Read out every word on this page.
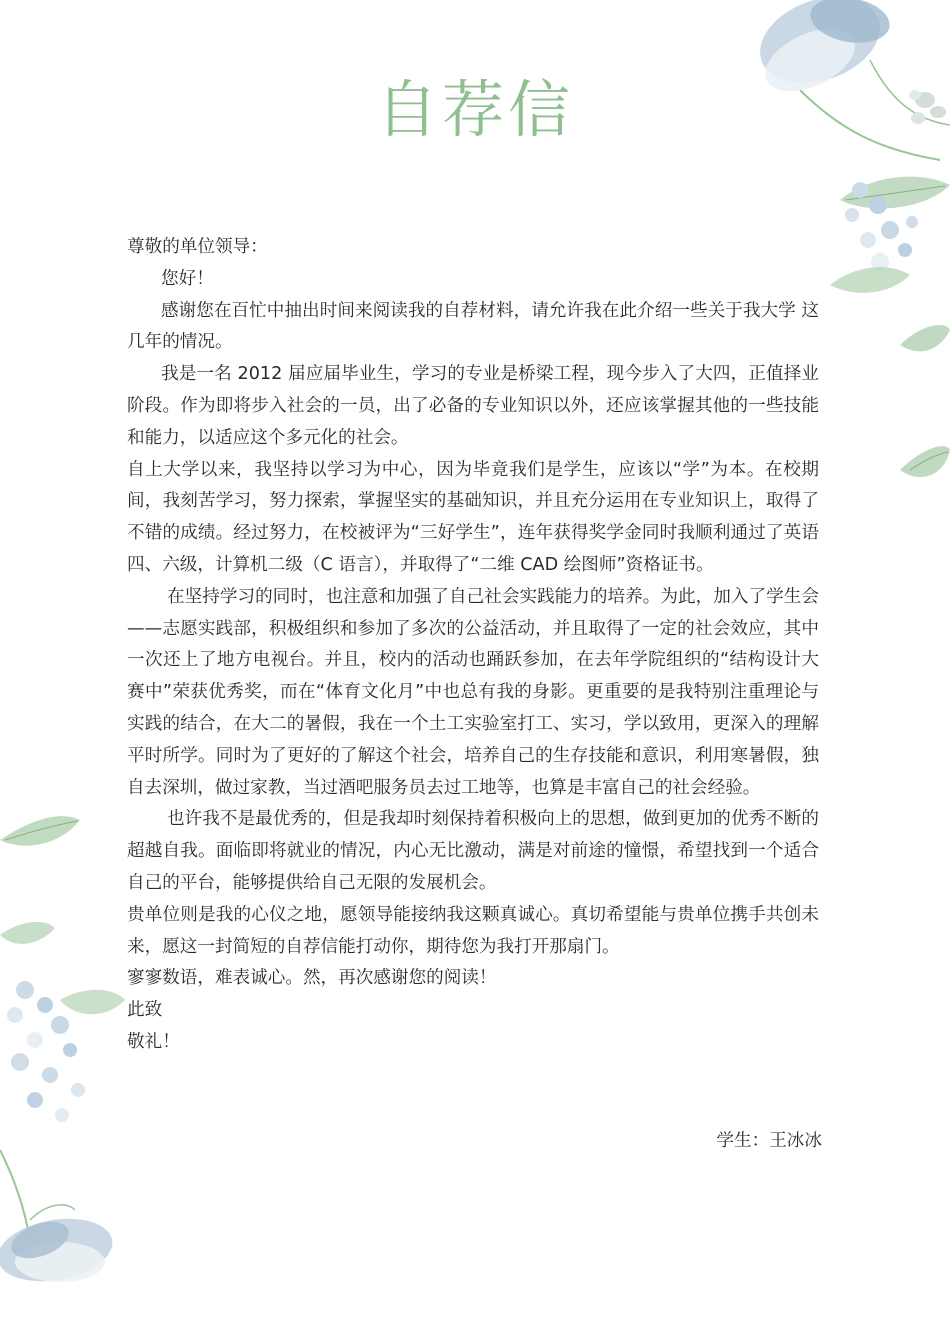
自荐信

尊敬的单位领导：

您好！

感谢您在百忙中抽出时间来阅读我的自荐材料，请允许我在此介绍一些关于我大学 这几年的情况。

我是一名 2012 届应届毕业生，学习的专业是桥梁工程，现今步入了大四，正值择业阶段。作为即将步入社会的一员，出了必备的专业知识以外，还应该掌握其他的一些技能和能力，以适应这个多元化的社会。

自上大学以来，我坚持以学习为中心，因为毕竟我们是学生，应该以“学”为本。在校期间，我刻苦学习，努力探索，掌握坚实的基础知识，并且充分运用在专业知识上，取得了不错的成绩。经过努力，在校被评为“三好学生”，连年获得奖学金同时我顺利通过了英语四、六级，计算机二级（C 语言），并取得了“二维 CAD 绘图师”资格证书。

在坚持学习的同时，也注意和加强了自己社会实践能力的培养。为此，加入了学生会——志愿实践部，积极组织和参加了多次的公益活动，并且取得了一定的社会效应，其中一次还上了地方电视台。并且，校内的活动也踊跃参加，在去年学院组织的“结构设计大赛中”荣获优秀奖，而在“体育文化月”中也总有我的身影。更重要的是我特别注重理论与实践的结合，在大二的暑假，我在一个土工实验室打工、实习，学以致用，更深入的理解平时所学。同时为了更好的了解这个社会，培养自己的生存技能和意识，利用寒暑假，独自去深圳，做过家教，当过酒吧服务员去过工地等，也算是丰富自己的社会经验。

也许我不是最优秀的，但是我却时刻保持着积极向上的思想，做到更加的优秀不断的超越自我。面临即将就业的情况，内心无比激动，满是对前途的憧憬，希望找到一个适合自己的平台，能够提供给自己无限的发展机会。

贵单位则是我的心仪之地，愿领导能接纳我这颗真诚心。真切希望能与贵单位携手共创未来，愿这一封简短的自荐信能打动你，期待您为我打开那扇门。

寥寥数语，难表诚心。然，再次感谢您的阅读！

此致

敬礼！

学生：王冰冰
